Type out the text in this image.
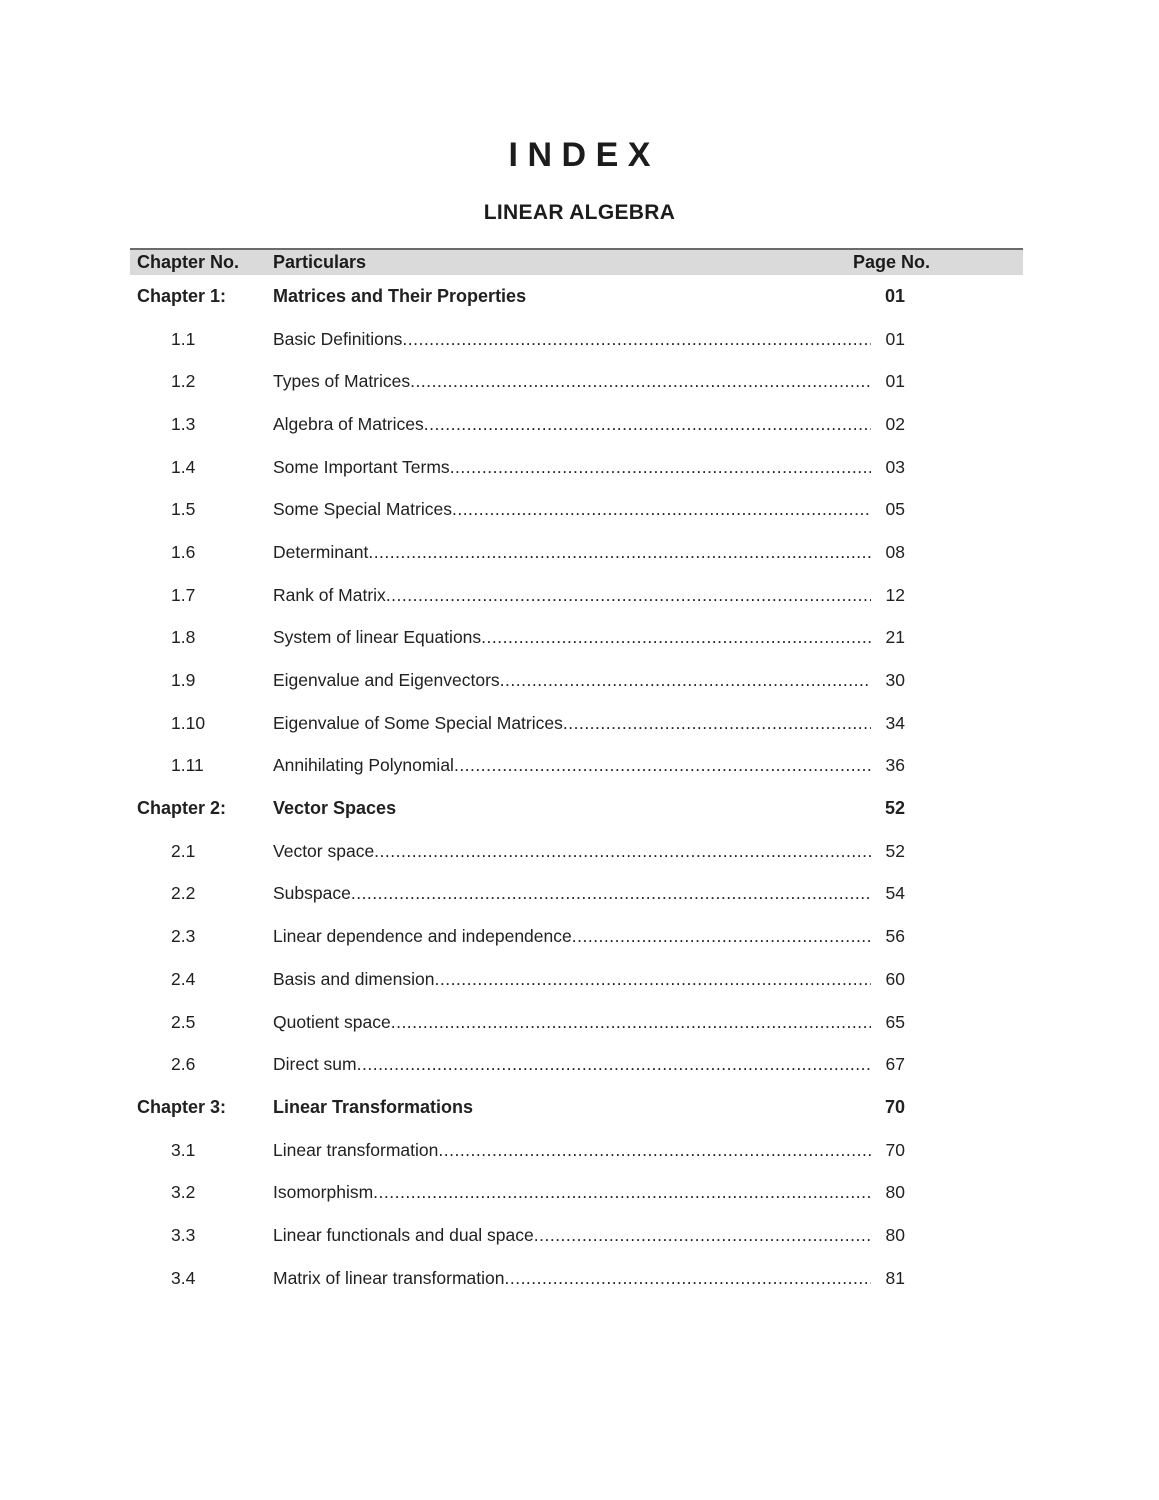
INDEX
LINEAR ALGEBRA
Chapter No.	Particulars	Page No.
Chapter 1:	Matrices and Their Properties	01
1.1	Basic Definitions .....	01
1.2	Types of Matrices .....	01
1.3	Algebra of Matrices .....	02
1.4	Some Important Terms .....	03
1.5	Some Special Matrices .....	05
1.6	Determinant .....	08
1.7	Rank of Matrix .....	12
1.8	System of linear Equations .....	21
1.9	Eigenvalue and Eigenvectors .....	30
1.10	Eigenvalue of Some Special Matrices .....	34
1.11	Annihilating Polynomial .....	36
Chapter 2:	Vector Spaces	52
2.1	Vector space .....	52
2.2	Subspace .....	54
2.3	Linear dependence and independence .....	56
2.4	Basis and dimension .....	60
2.5	Quotient space .....	65
2.6	Direct sum .....	67
Chapter 3:	Linear Transformations	70
3.1	Linear transformation .....	70
3.2	Isomorphism .....	80
3.3	Linear functionals and dual space .....	80
3.4	Matrix of linear transformation .....	81
